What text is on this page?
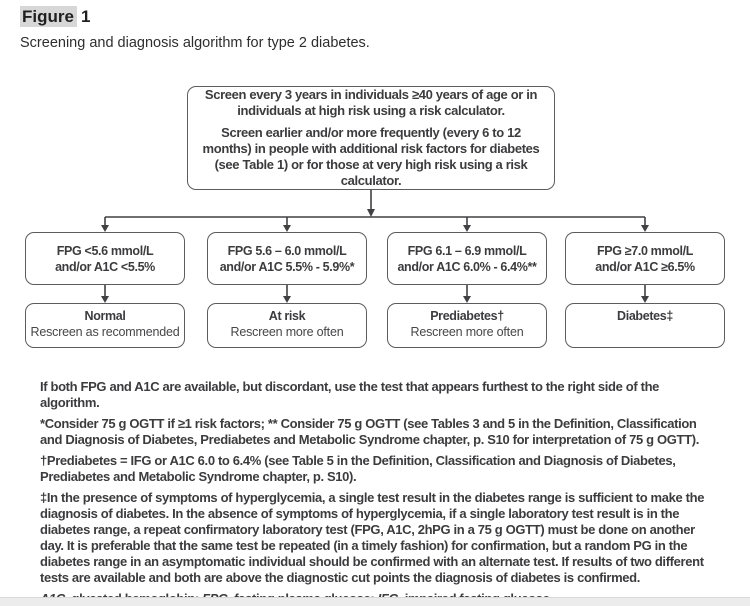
Figure 1
Screening and diagnosis algorithm for type 2 diabetes.

Screen every 3 years in individuals ≥40 years of age or in individuals at high risk using a risk calculator.

Screen earlier and/or more frequently (every 6 to 12 months) in people with additional risk factors for diabetes (see Table 1) or for those at very high risk using a risk calculator.

FPG <5.6 mmol/L
and/or A1C <5.5%
FPG 5.6 – 6.0 mmol/L
and/or A1C 5.5% - 5.9%*
FPG 6.1 – 6.9 mmol/L
and/or A1C 6.0% - 6.4%**
FPG ≥7.0 mmol/L
and/or A1C ≥6.5%
Normal
Rescreen as recommended
At risk
Rescreen more often
Prediabetes†
Rescreen more often
Diabetes‡

If both FPG and A1C are available, but discordant, use the test that appears furthest to the right side of the algorithm.

*Consider 75 g OGTT if ≥1 risk factors; ** Consider 75 g OGTT (see Tables 3 and 5 in the Definition, Classification and Diagnosis of Diabetes, Prediabetes and Metabolic Syndrome chapter, p. S10 for interpretation of 75 g OGTT).

†Prediabetes = IFG or A1C 6.0 to 6.4% (see Table 5 in the Definition, Classification and Diagnosis of Diabetes, Prediabetes and Metabolic Syndrome chapter, p. S10).

‡In the presence of symptoms of hyperglycemia, a single test result in the diabetes range is sufficient to make the diagnosis of diabetes. In the absence of symptoms of hyperglycemia, if a single laboratory test result is in the diabetes range, a repeat confirmatory laboratory test (FPG, A1C, 2hPG in a 75 g OGTT) must be done on another day. It is preferable that the same test be repeated (in a timely fashion) for confirmation, but a random PG in the diabetes range in an asymptomatic individual should be confirmed with an alternate test. If results of two different tests are available and both are above the diagnostic cut points the diagnosis of diabetes is confirmed.
